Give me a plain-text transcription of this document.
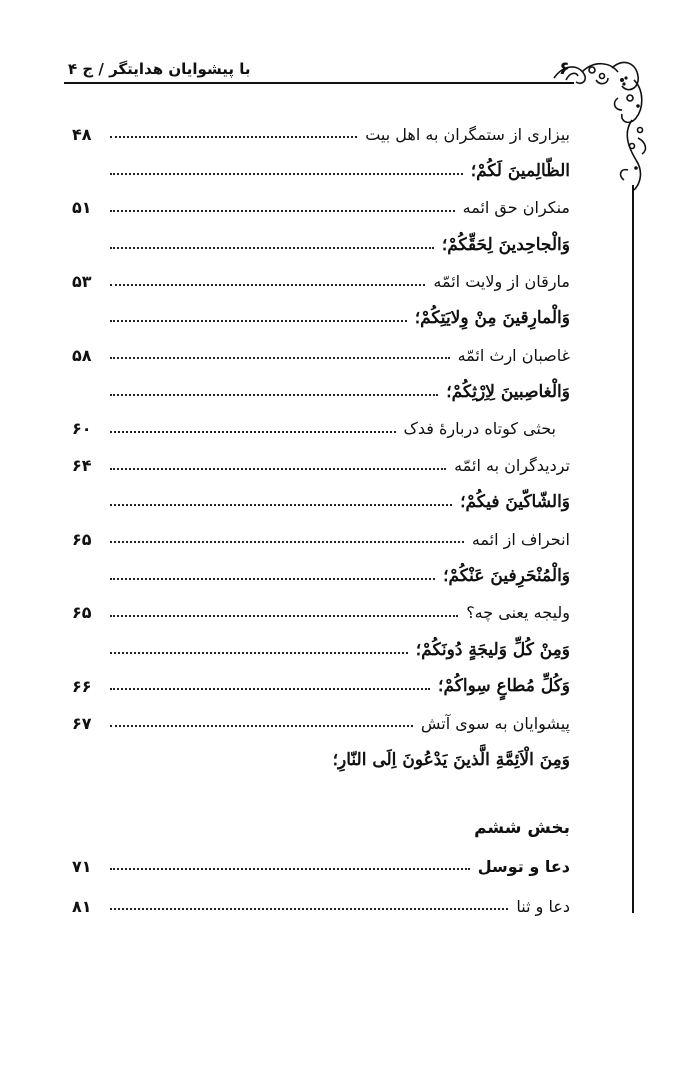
۶
با پیشوایان هدایتگر / ج ۴
بیزاری از ستمگران به اهل بیت
۴۸
الظّالِمینَ لَکُمْ؛
منکران حق ائمه
۵۱
وَالْجاحِدینَ لِحَقِّکُمْ؛
مارقان از ولایت ائمّه
۵۳
وَالْمارِقینَ مِنْ وِلایَتِکُمْ؛
غاصبان ارث ائمّه
۵۸
وَالْغاصِبینَ لِاِرْثِکُمْ؛
بحثی کوتاه دربارهٔ فدک
۶۰
تردیدگران به ائمّه
۶۴
وَالشّاکّینَ فیکُمْ؛
انحراف از ائمه
۶۵
وَالْمُنْحَرِفینَ عَنْکُمْ؛
ولیجه یعنی چه؟
۶۵
وَمِنْ کُلِّ وَلیجَةٍ دُونَکُمْ؛
وَکُلِّ مُطاعٍ سِواکُمْ؛
۶۶
پیشوایان به سوی آتش
۶۷
وَمِنَ الْاَئِمَّةِ الَّذینَ یَدْعُونَ اِلَی النّارِ؛
بخش ششم
دعا و توسل
۷۱
دعا و ثنا
۸۱
